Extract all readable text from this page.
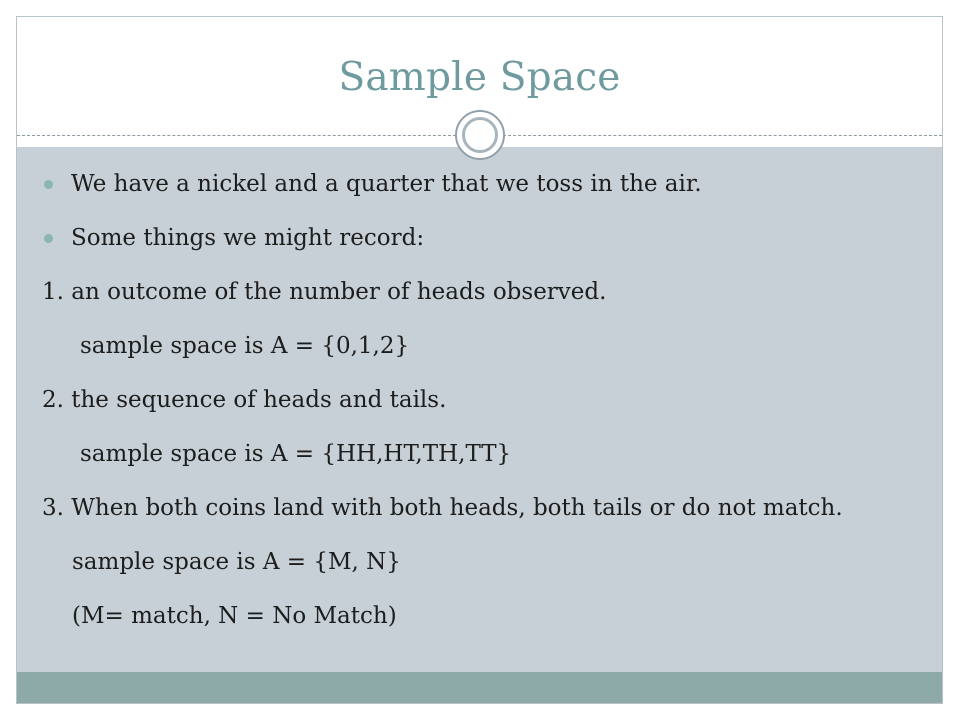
Sample Space
We have a nickel and a quarter that we toss in the air.
Some things we might record:
1. an outcome of the number of heads observed.
sample space is A = {0,1,2}
2. the sequence of heads and tails.
sample space is A = {HH,HT,TH,TT}
3. When both coins land with both heads, both tails or do not match.
sample space is A = {M, N}
(M= match, N = No Match)
